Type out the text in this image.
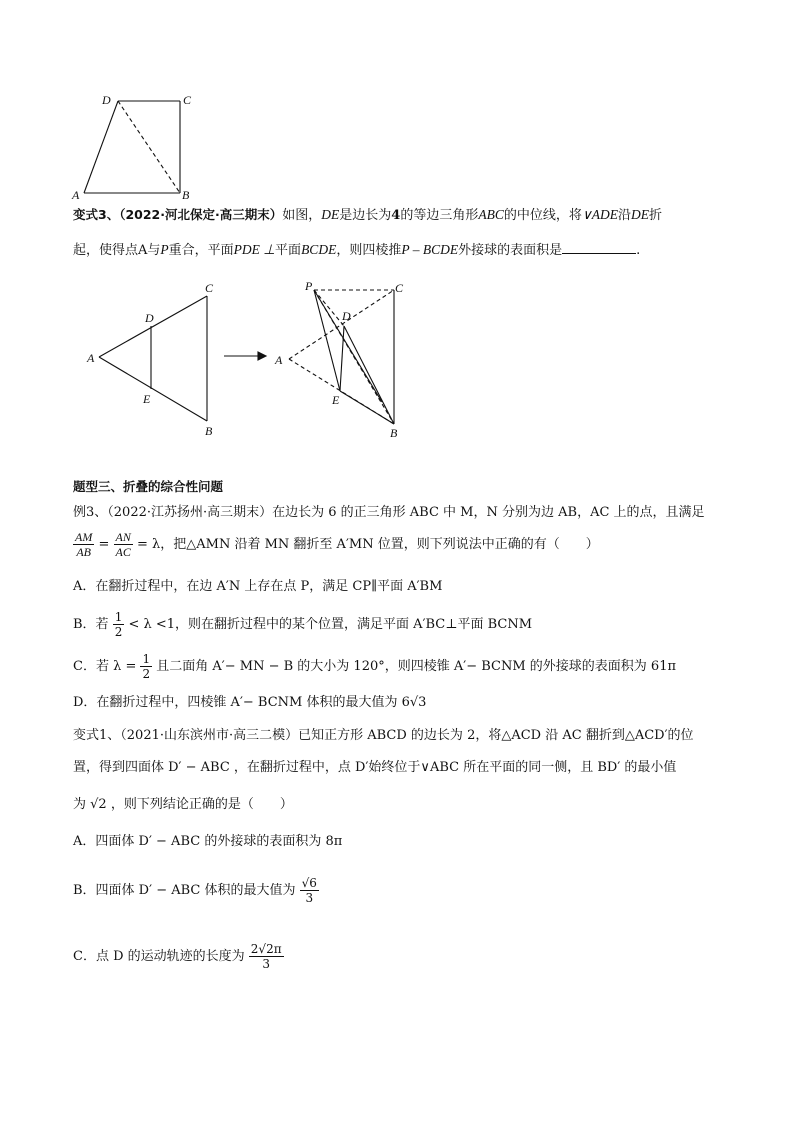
D	C
A	B
变式3、（2022·河北保定·高三期末）如图，DE是边长为4的等边三角形ABC的中位线，将∨ADE沿DE折
起，使得点A与P重合，平面PDE ⊥平面BCDE，则四棱推P – BCDE外接球的表面积是	.
A
C
D
E
B
P	C
D
A
E
B
题型三、折叠的综合性问题
例3、（2022·江苏扬州·高三期末）在边长为 6 的正三角形 ABC 中 M，N 分别为边 AB，AC 上的点，且满足
$\frac{AM}{AB} = \frac{AN}{AC} = \lambda$，把△AMN 沿着 MN 翻折至 A′MN 位置，则下列说法中正确的有（　　）
A．在翻折过程中，在边 A′N 上存在点 P，满足 CP∥平面 A′BM
B．若 $\frac{1}{2} < \lambda <1$，则在翻折过程中的某个位置，满足平面 A′BC⊥平面 BCNM
C．若 $\lambda = \frac{1}{2}$ 且二面角 A′− MN − B 的大小为 120°，则四棱锥 A′− BCNM 的外接球的表面积为 61π
D．在翻折过程中，四棱锥 A′− BCNM 体积的最大值为 6√3
变式1、（2021·山东滨州市·高三二模）已知正方形 ABCD 的边长为 2，将△ACD 沿 AC 翻折到△ACD′的位
置，得到四面体 D′ − ABC ，在翻折过程中，点 D′始终位于∨ABC 所在平面的同一侧，且 BD′ 的最小值
为 √2 ，则下列结论正确的是（　　）
A．四面体 D′ − ABC 的外接球的表面积为 8π
B．四面体 D′ − ABC 体积的最大值为 $\frac{√6}{3}$
C．点 D 的运动轨迹的长度为 $\frac{2√2\pi}{3}$
